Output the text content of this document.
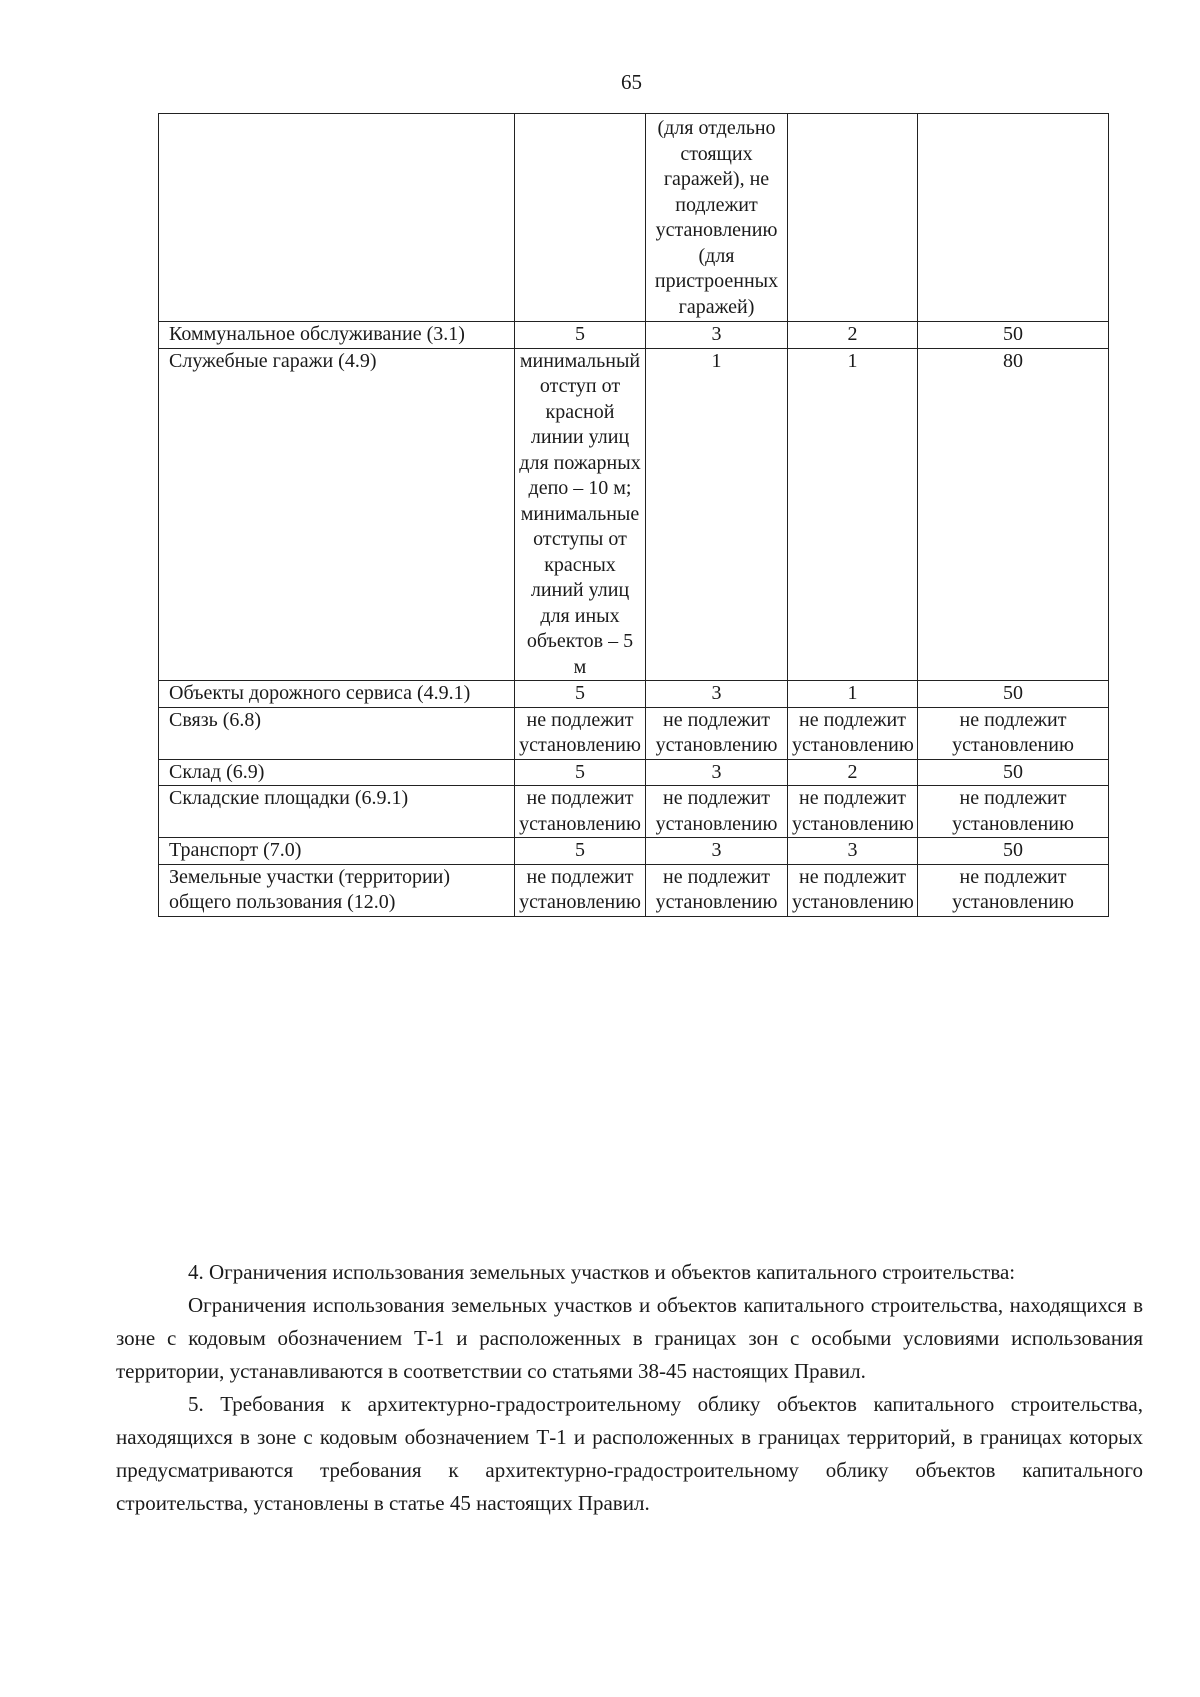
65
		(для отдельно стоящих гаражей), не подлежит установлению (для пристроенных гаражей)		
Коммунальное обслуживание (3.1)	5	3	2	50
Служебные гаражи (4.9)	минимальный отступ от красной линии улиц для пожарных депо – 10 м; минимальные отступы от красных линий улиц для иных объектов – 5 м	1	1	80
Объекты дорожного сервиса (4.9.1)	5	3	1	50
Связь (6.8)	не подлежит установлению	не подлежит установлению	не подлежит установлению	не подлежит установлению
Склад (6.9)	5	3	2	50
Складские площадки (6.9.1)	не подлежит установлению	не подлежит установлению	не подлежит установлению	не подлежит установлению
Транспорт (7.0)	5	3	3	50
Земельные участки (территории) общего пользования (12.0)	не подлежит установлению	не подлежит установлению	не подлежит установлению	не подлежит установлению

4. Ограничения использования земельных участков и объектов капитального строительства:

Ограничения использования земельных участков и объектов капитального строительства, находящихся в зоне с кодовым обозначением Т-1 и расположенных в границах зон с особыми условиями использования территории, устанавливаются в соответствии со статьями 38-45 настоящих Правил.

5. Требования к архитектурно-градостроительному облику объектов капитального строительства, находящихся в зоне с кодовым обозначением Т-1 и расположенных в границах территорий, в границах которых предусматриваются требования к архитектурно-градостроительному облику объектов капитального строительства, установлены в статье 45 настоящих Правил.
